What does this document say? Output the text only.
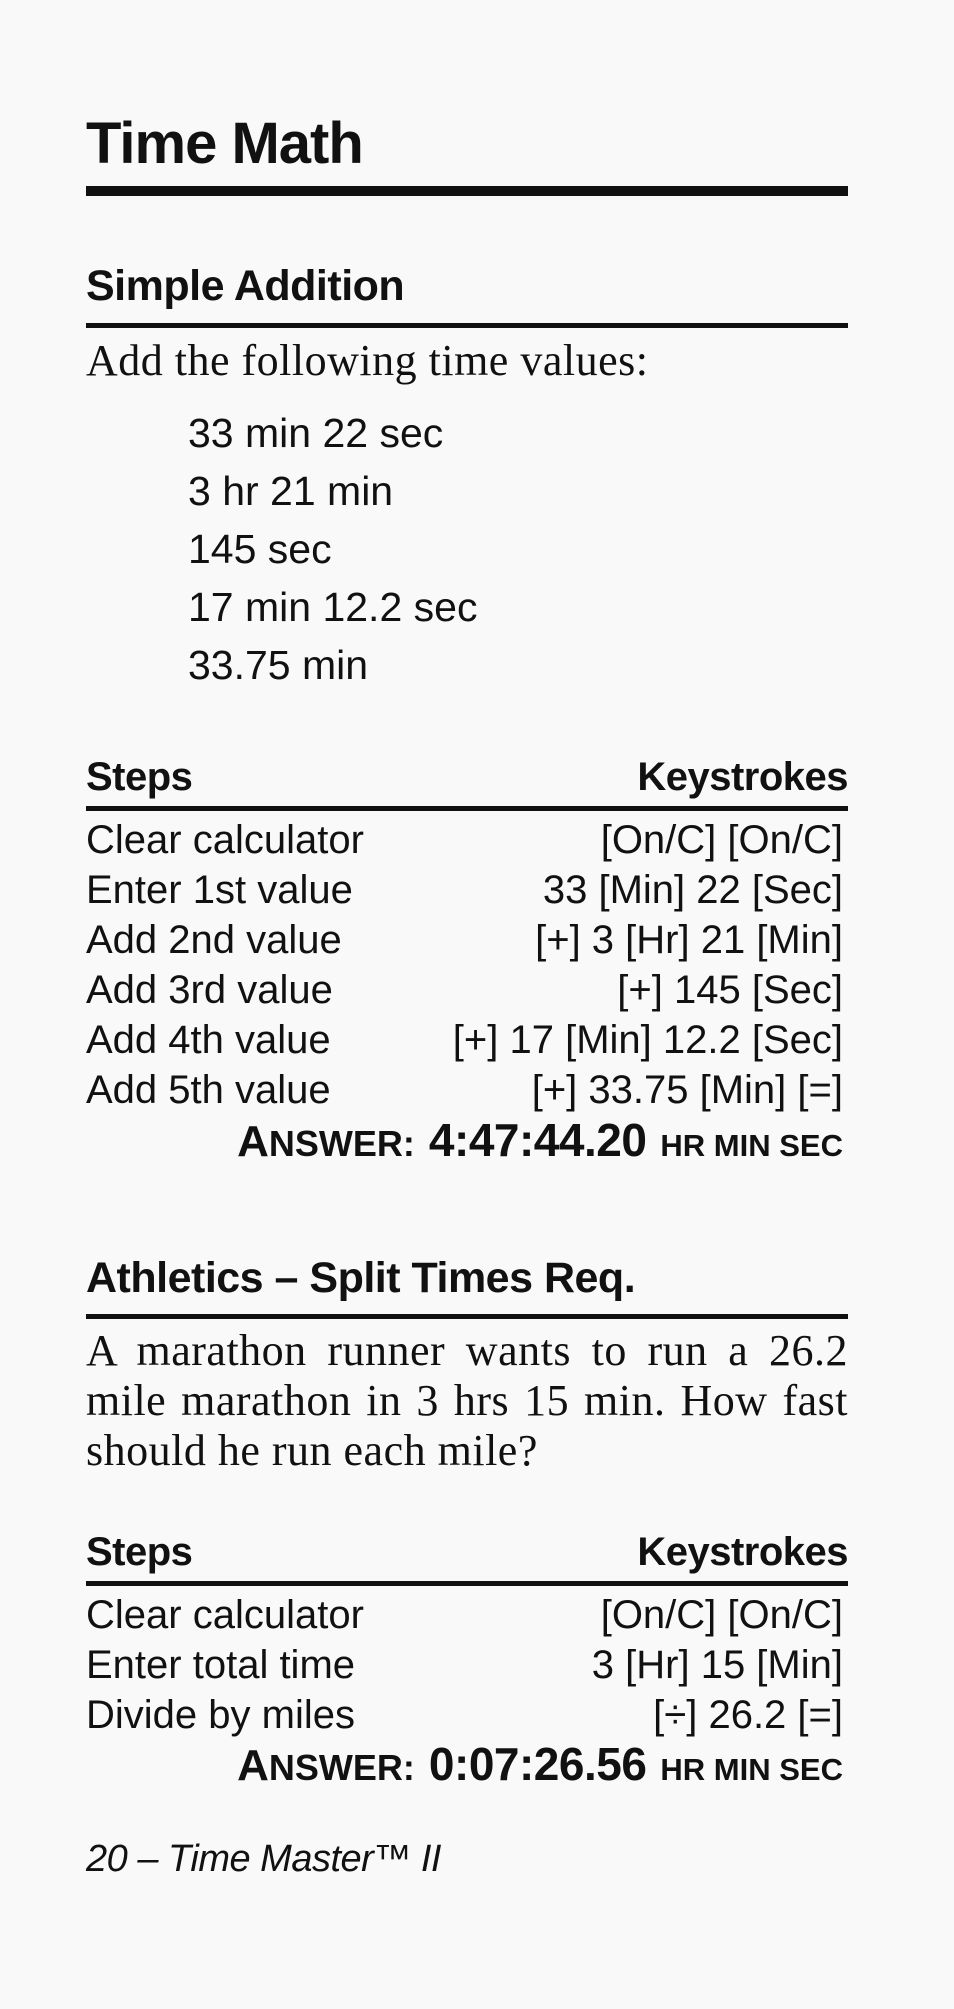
Time Math
Simple Addition
Add the following time values:
33 min 22 sec
3 hr 21 min
145 sec
17 min 12.2 sec
33.75 min
Steps	Keystrokes
Clear calculator	[On/C] [On/C]
Enter 1st value	33 [Min] 22 [Sec]
Add 2nd value	[+] 3 [Hr] 21 [Min]
Add 3rd value	[+] 145 [Sec]
Add 4th value	[+] 17 [Min] 12.2 [Sec]
Add 5th value	[+] 33.75 [Min] [=]
ANSWER: 4:47:44.20 HR MIN SEC
Athletics – Split Times Req.
A marathon runner wants to run a 26.2 mile marathon in 3 hrs 15 min. How fast should he run each mile?
Steps	Keystrokes
Clear calculator	[On/C] [On/C]
Enter total time	3 [Hr] 15 [Min]
Divide by miles	[÷] 26.2 [=]
ANSWER: 0:07:26.56 HR MIN SEC
20 – Time Master™ II
